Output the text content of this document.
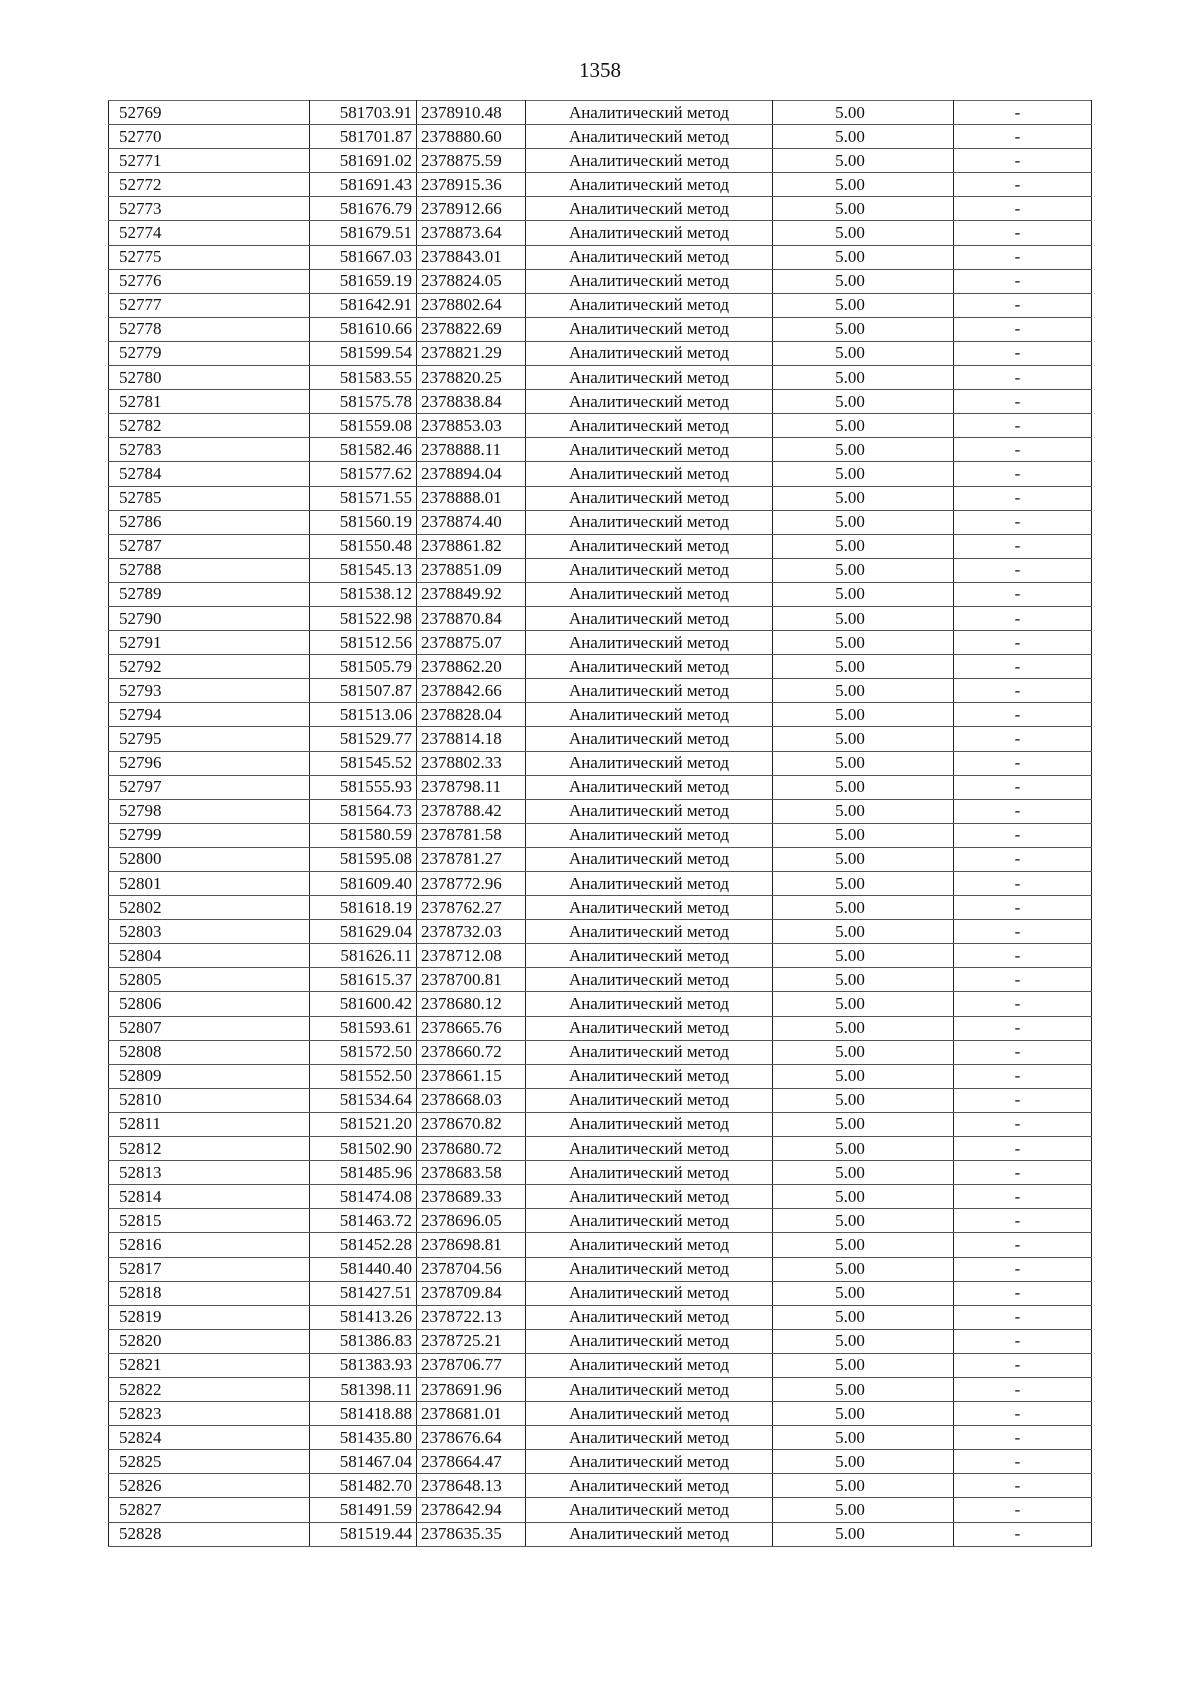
1358
52769	581703.91	2378910.48	Аналитический метод	5.00	-
52770	581701.87	2378880.60	Аналитический метод	5.00	-
52771	581691.02	2378875.59	Аналитический метод	5.00	-
52772	581691.43	2378915.36	Аналитический метод	5.00	-
52773	581676.79	2378912.66	Аналитический метод	5.00	-
52774	581679.51	2378873.64	Аналитический метод	5.00	-
52775	581667.03	2378843.01	Аналитический метод	5.00	-
52776	581659.19	2378824.05	Аналитический метод	5.00	-
52777	581642.91	2378802.64	Аналитический метод	5.00	-
52778	581610.66	2378822.69	Аналитический метод	5.00	-
52779	581599.54	2378821.29	Аналитический метод	5.00	-
52780	581583.55	2378820.25	Аналитический метод	5.00	-
52781	581575.78	2378838.84	Аналитический метод	5.00	-
52782	581559.08	2378853.03	Аналитический метод	5.00	-
52783	581582.46	2378888.11	Аналитический метод	5.00	-
52784	581577.62	2378894.04	Аналитический метод	5.00	-
52785	581571.55	2378888.01	Аналитический метод	5.00	-
52786	581560.19	2378874.40	Аналитический метод	5.00	-
52787	581550.48	2378861.82	Аналитический метод	5.00	-
52788	581545.13	2378851.09	Аналитический метод	5.00	-
52789	581538.12	2378849.92	Аналитический метод	5.00	-
52790	581522.98	2378870.84	Аналитический метод	5.00	-
52791	581512.56	2378875.07	Аналитический метод	5.00	-
52792	581505.79	2378862.20	Аналитический метод	5.00	-
52793	581507.87	2378842.66	Аналитический метод	5.00	-
52794	581513.06	2378828.04	Аналитический метод	5.00	-
52795	581529.77	2378814.18	Аналитический метод	5.00	-
52796	581545.52	2378802.33	Аналитический метод	5.00	-
52797	581555.93	2378798.11	Аналитический метод	5.00	-
52798	581564.73	2378788.42	Аналитический метод	5.00	-
52799	581580.59	2378781.58	Аналитический метод	5.00	-
52800	581595.08	2378781.27	Аналитический метод	5.00	-
52801	581609.40	2378772.96	Аналитический метод	5.00	-
52802	581618.19	2378762.27	Аналитический метод	5.00	-
52803	581629.04	2378732.03	Аналитический метод	5.00	-
52804	581626.11	2378712.08	Аналитический метод	5.00	-
52805	581615.37	2378700.81	Аналитический метод	5.00	-
52806	581600.42	2378680.12	Аналитический метод	5.00	-
52807	581593.61	2378665.76	Аналитический метод	5.00	-
52808	581572.50	2378660.72	Аналитический метод	5.00	-
52809	581552.50	2378661.15	Аналитический метод	5.00	-
52810	581534.64	2378668.03	Аналитический метод	5.00	-
52811	581521.20	2378670.82	Аналитический метод	5.00	-
52812	581502.90	2378680.72	Аналитический метод	5.00	-
52813	581485.96	2378683.58	Аналитический метод	5.00	-
52814	581474.08	2378689.33	Аналитический метод	5.00	-
52815	581463.72	2378696.05	Аналитический метод	5.00	-
52816	581452.28	2378698.81	Аналитический метод	5.00	-
52817	581440.40	2378704.56	Аналитический метод	5.00	-
52818	581427.51	2378709.84	Аналитический метод	5.00	-
52819	581413.26	2378722.13	Аналитический метод	5.00	-
52820	581386.83	2378725.21	Аналитический метод	5.00	-
52821	581383.93	2378706.77	Аналитический метод	5.00	-
52822	581398.11	2378691.96	Аналитический метод	5.00	-
52823	581418.88	2378681.01	Аналитический метод	5.00	-
52824	581435.80	2378676.64	Аналитический метод	5.00	-
52825	581467.04	2378664.47	Аналитический метод	5.00	-
52826	581482.70	2378648.13	Аналитический метод	5.00	-
52827	581491.59	2378642.94	Аналитический метод	5.00	-
52828	581519.44	2378635.35	Аналитический метод	5.00	-
